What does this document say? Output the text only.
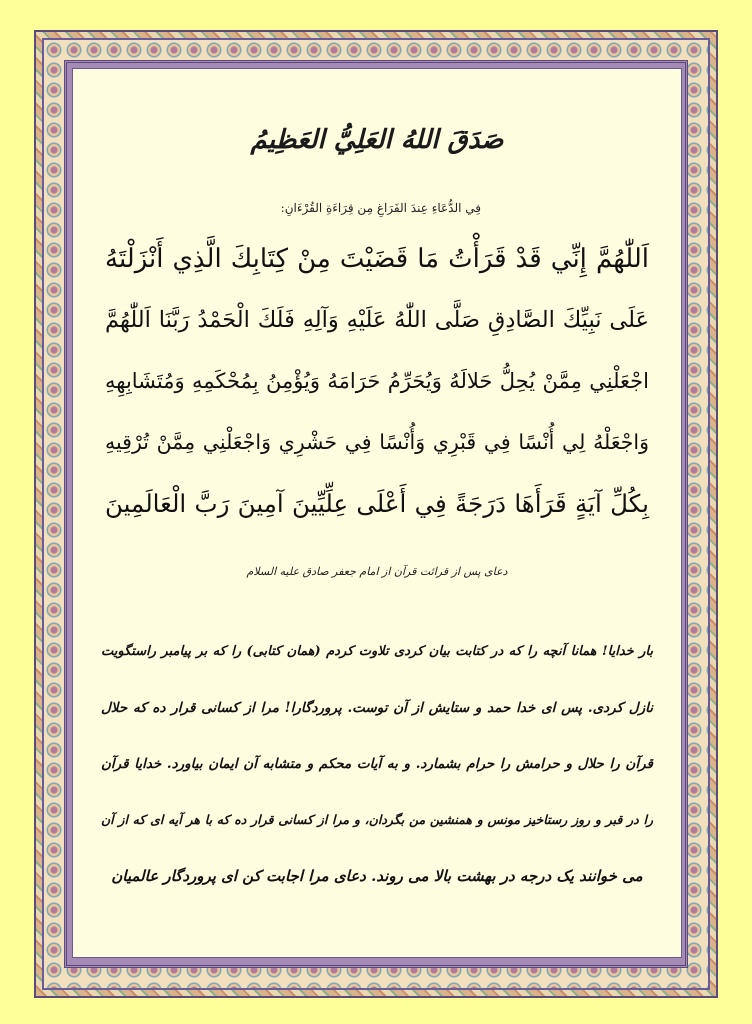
صَدَقَ اللهُ العَلِيُّ العَظِيمُ
فِي الدُّعَاءِ عِندَ الفَرَاغِ مِن قِرَاءَةِ القُرْءَانِ:
اَللّٰهُمَّ إِنِّي قَدْ قَرَأْتُ مَا قَضَيْتَ مِنْ كِتَابِكَ الَّذِي أَنْزَلْتَهُ
عَلَى نَبِيِّكَ الصَّادِقِ صَلَّى اللّٰهُ عَلَيْهِ وَآلِهِ فَلَكَ الْحَمْدُ رَبَّنَا اَللّٰهُمَّ
اجْعَلْنِي مِمَّنْ يُحِلُّ حَلالَهُ وَيُحَرِّمُ حَرَامَهُ وَيُؤْمِنُ بِمُحْكَمِهِ وَمُتَشَابِهِهِ
وَاجْعَلْهُ لِي أُنْسًا فِي قَبْرِي وَأُنْسًا فِي حَشْرِي وَاجْعَلْنِي مِمَّنْ تُرْقِيهِ
بِكُلِّ آيَةٍ قَرَأَهَا دَرَجَةً فِي أَعْلَى عِلِّيِّينَ آمِينَ رَبَّ الْعَالَمِينَ
دعای پس از قرائت قرآن از امام جعفر صادق علیه السلام
بار خدایا! همانا آنچه را که در کتابت بیان کردی تلاوت کردم (همان کتابی) را که بر پیامبر راستگویت
نازل کردی. پس ای خدا حمد و ستایش از آن توست. پروردگارا! مرا از کسانی قرار ده که حلال
قرآن را حلال و حرامش را حرام بشمارد. و به آیات محکم و متشابه آن ایمان بیاورد. خدایا قرآن
را در قبر و روز رستاخیز مونس و همنشین من بگردان، و مرا از کسانی قرار ده که با هر آیه ای که از آن
می خوانند یک درجه در بهشت بالا می روند. دعای مرا اجابت کن ای پروردگار عالمیان
